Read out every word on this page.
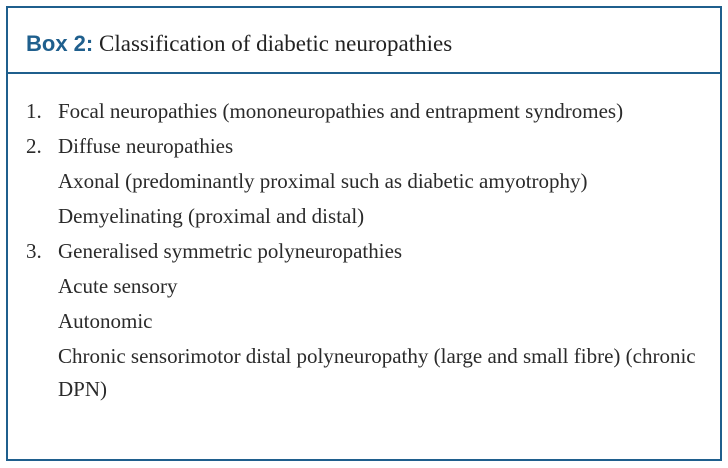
Box 2: Classification of diabetic neuropathies
1. Focal neuropathies (mononeuropathies and entrapment syndromes)
2. Diffuse neuropathies
Axonal (predominantly proximal such as diabetic amyotrophy)
Demyelinating (proximal and distal)
3. Generalised symmetric polyneuropathies
Acute sensory
Autonomic
Chronic sensorimotor distal polyneuropathy (large and small fibre) (chronic DPN)
